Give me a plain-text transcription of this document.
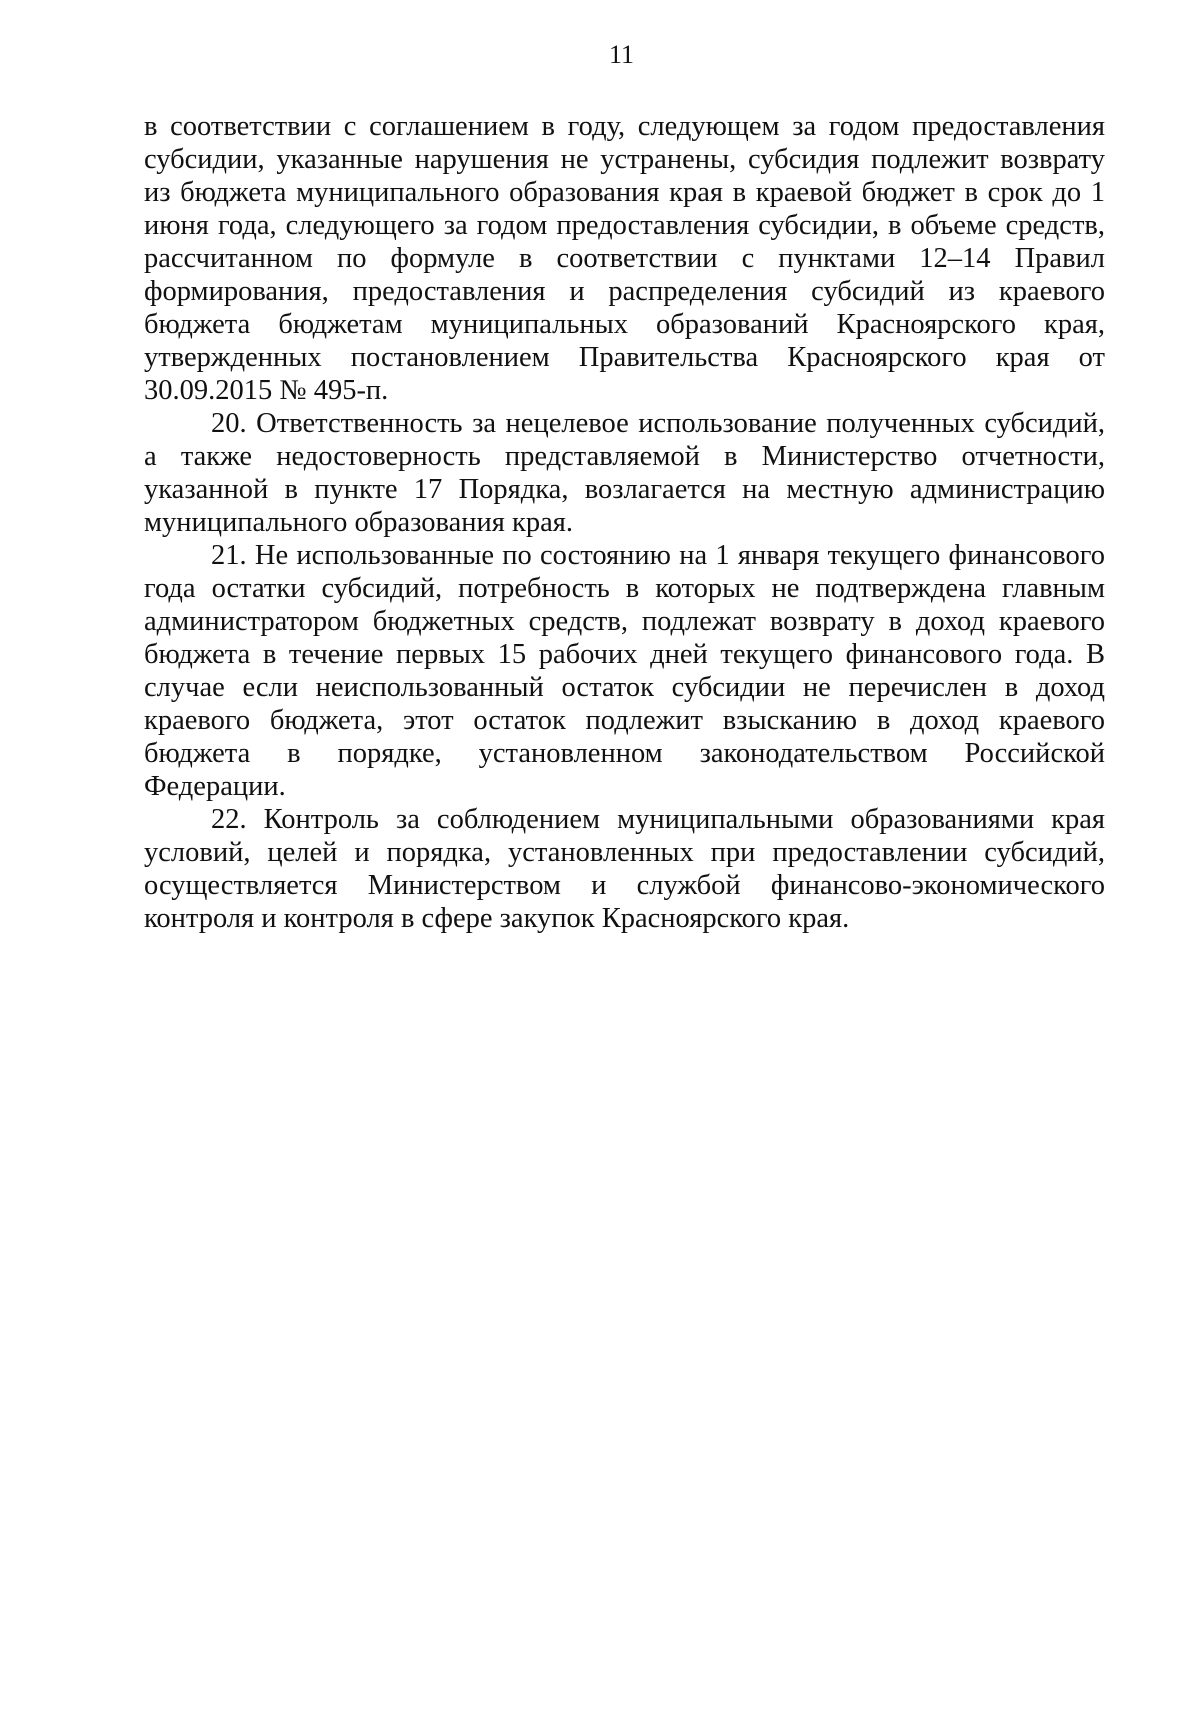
11

в соответствии с соглашением в году, следующем за годом предоставления субсидии, указанные нарушения не устранены, субсидия подлежит возврату из бюджета муниципального образования края в краевой бюджет в срок до 1 июня года, следующего за годом предоставления субсидии, в объеме средств, рассчитанном по формуле в соответствии с пунктами 12–14 Правил формирования, предоставления и распределения субсидий из краевого бюджета бюджетам муниципальных образований Красноярского края, утвержденных постановлением Правительства Красноярского края от 30.09.2015 № 495-п.

20. Ответственность за нецелевое использование полученных субсидий, а также недостоверность представляемой в Министерство отчетности, указанной в пункте 17 Порядка, возлагается на местную администрацию муниципального образования края.

21. Не использованные по состоянию на 1 января текущего финансового года остатки субсидий, потребность в которых не подтверждена главным администратором бюджетных средств, подлежат возврату в доход краевого бюджета в течение первых 15 рабочих дней текущего финансового года. В случае если неиспользованный остаток субсидии не перечислен в доход краевого бюджета, этот остаток подлежит взысканию в доход краевого бюджета в порядке, установленном законодательством Российской Федерации.

22. Контроль за соблюдением муниципальными образованиями края условий, целей и порядка, установленных при предоставлении субсидий, осуществляется Министерством и службой финансово-экономического контроля и контроля в сфере закупок Красноярского края.
